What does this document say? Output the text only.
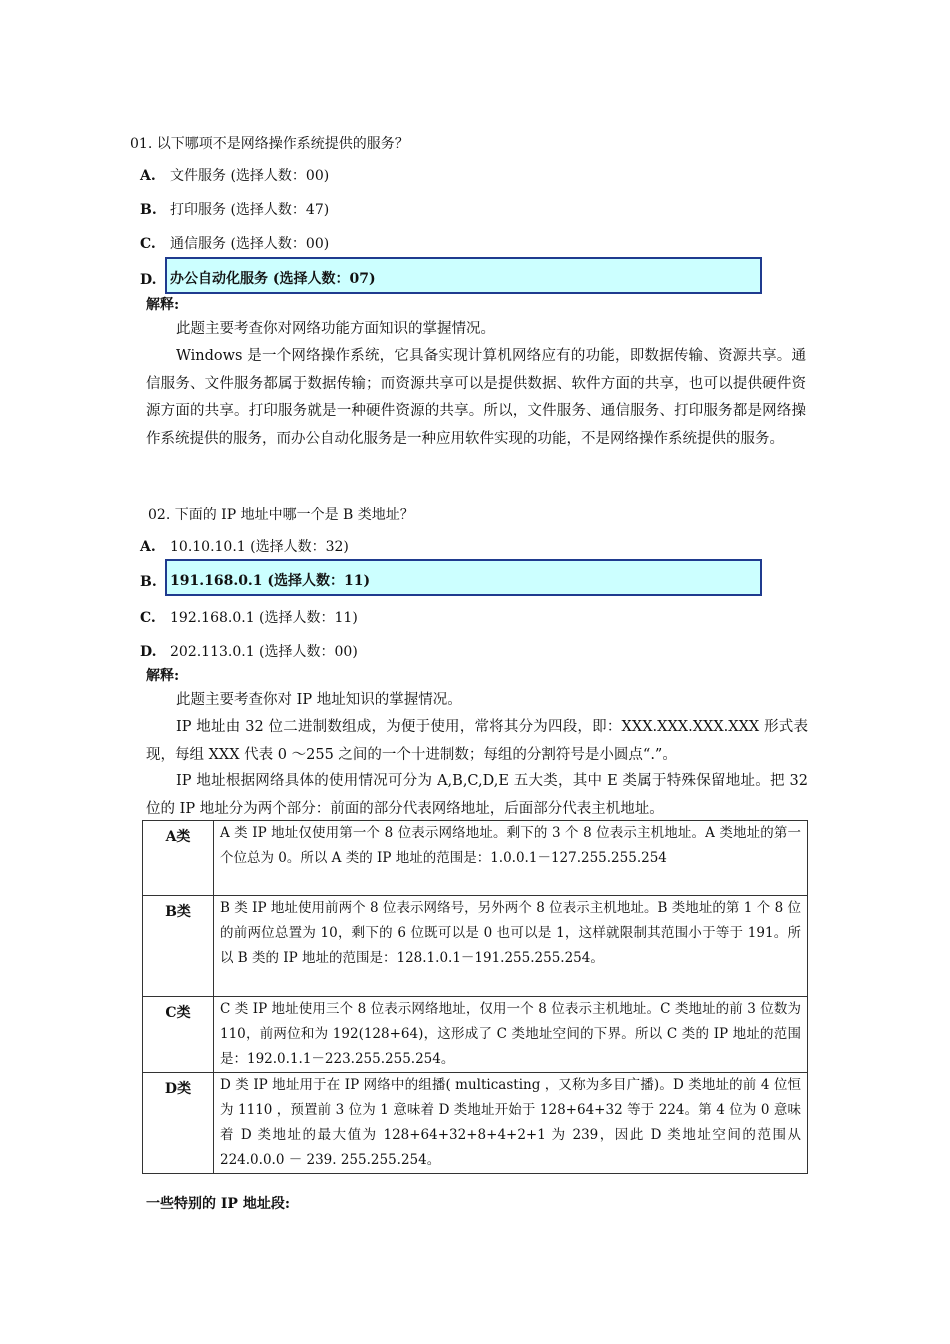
01. 以下哪项不是网络操作系统提供的服务？
A. 文件服务 (选择人数：00)
B. 打印服务 (选择人数：47)
C. 通信服务 (选择人数：00)
D. 办公自动化服务 (选择人数：07)
解释:
此题主要考查你对网络功能方面知识的掌握情况。
Windows 是一个网络操作系统，它具备实现计算机网络应有的功能，即数据传输、资源共享。通信服务、文件服务都属于数据传输；而资源共享可以是提供数据、软件方面的共享，也可以提供硬件资源方面的共享。打印服务就是一种硬件资源的共享。所以，文件服务、通信服务、打印服务都是网络操作系统提供的服务，而办公自动化服务是一种应用软件实现的功能，不是网络操作系统提供的服务。
02. 下面的 IP 地址中哪一个是 B 类地址？
A. 10.10.10.1 (选择人数：32)
B. 191.168.0.1 (选择人数：11)
C. 192.168.0.1 (选择人数：11)
D. 202.113.0.1 (选择人数：00)
解释:
此题主要考查你对 IP 地址知识的掌握情况。
IP 地址由 32 位二进制数组成，为便于使用，常将其分为四段，即：XXX.XXX.XXX.XXX 形式表现，每组 XXX 代表 0 ～255 之间的一个十进制数；每组的分割符号是小圆点“.”。
IP 地址根据网络具体的使用情况可分为 A,B,C,D,E 五大类，其中 E 类属于特殊保留地址。把 32 位的 IP 地址分为两个部分：前面的部分代表网络地址，后面部分代表主机地址。
A类	A 类 IP 地址仅使用第一个 8 位表示网络地址。剩下的 3 个 8 位表示主机地址。A 类地址的第一个位总为 0。所以 A 类的 IP 地址的范围是：1.0.0.1－127.255.255.254
B类	B 类 IP 地址使用前两个 8 位表示网络号，另外两个 8 位表示主机地址。B 类地址的第 1 个 8 位的前两位总置为 10，剩下的 6 位既可以是 0 也可以是 1，这样就限制其范围小于等于 191。所以 B 类的 IP 地址的范围是：128.1.0.1－191.255.255.254。
C类	C 类 IP 地址使用三个 8 位表示网络地址，仅用一个 8 位表示主机地址。C 类地址的前 3 位数为 110，前两位和为 192(128+64)，这形成了 C 类地址空间的下界。所以 C 类的 IP 地址的范围是：192.0.1.1－223.255.255.254。
D类	D 类 IP 地址用于在 IP 网络中的组播( multicasting ，又称为多目广播)。D 类地址的前 4 位恒为 1110 ，预置前 3 位为 1 意味着 D 类地址开始于 128+64+32 等于 224。第 4 位为 0 意味着 D 类地址的最大值为 128+64+32+8+4+2+1 为 239，因此 D 类地址空间的范围从 224.0.0.0 － 239. 255.255.254。
一些特别的 IP 地址段:
